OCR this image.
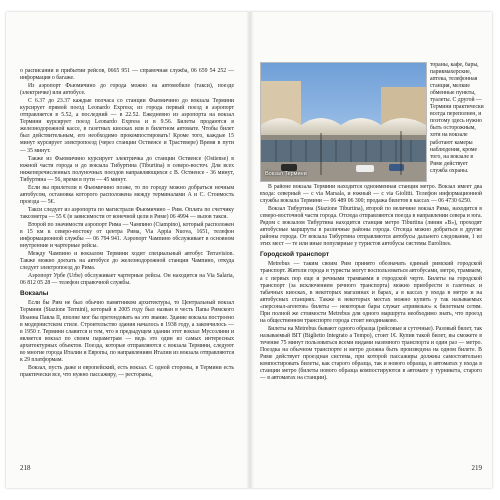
о расписании и прибытии рейсов, 0665 951 — справочная служба, 06 659 54 252 — информация о багаже.

Из аэропорт Фьюмичино до города можно на автомобиле (такси), поезде (электричке) или автобусе.

С 6.37 до 23.37 каждые полчаса со станции Фьюмичино до вокзала Термини курсирует прямой поезд Leonardo Express; из города первый поезд в аэропорт отправляется в 5.52, а последний — в 22.52. Ежедневно из аэропорта на вокзал Термини курсирует поезд Leonardo Express и в 9.56. Билеты продаются в железнодорожной кассе, в газетных киосках или в билетном автомате. Чтобы билет был действительным, его необходимо прокомпостировать! Кроме того, каждые 15 минут курсирует электропоезд (через станции Остиенсе и Трастевере) Время в пути — 35 минут.

Также из Фьюмичино курсирует электричка до станции Остиенсе (Ostiense) в южной части города и до вокзала Тибуртина (Tiburtina) в северо-восточ. Для всех нижеперечисленных полуночных поездов направляющихся с В. Остиенсе - 36 минут, Тибуртина — 56, время в пути — 45 минут.

Если вы прилетели в Фьюмичино позже, то по городу можно добраться ночным автобусом, остановка которого расположена между терминалами A и C. Стоимость проезда — 5€.

Такси следует из аэропорта по магистрали Фьюмичино – Рим. Оплата по счетчику таксометра — 55 € (в зависимости от конечной цели в Риме) 06 4994 — вызов такси.

Второй по значимости аэропорт Рима — Чампино (Ciampino), который расположен в 15 км к северо-востоку от центра Рима, Via Appia Nuova, 1651, телефон информационной службы — 06 794 941. Аэропорт Чампино обслуживает в основном внутренние и чартерные рейсы.

Между Чампино и вокзалом Термини ходит специальный автобус Terravision. Также можно доехать на автобусе до железнодорожной станции Чампино, откуда следует электропоезд до Рима.

Аэропорт Урбе (Urbe) обслуживает чартерные рейсы. Он находится на Via Salaria, 06 812 05 28 — телефон справочной службы.

Вокзалы

Если бы Рим не был обычно памятником архитектуры, то Центральный вокзал Термини (Stazione Termini), который в 2005 году был назван в честь Папы Римского Иоанна Павла II, вполне мог бы претендовать на это звание. Здание вокзала построено в модернистском стиле. Строительство здания началось в 1938 году, а закончилось — в 1950 г. Термини славится и тем, что в предыдущем здании этот вокзал Муссолини и является вокзал по своим параметрам — ведь это один из самых интересных архитектурных объектов. Поезда, которые отправляются с вокзала Термини, следуют во многие города Италии и Европы, по направлениям Италии из вокзала отправляются к 29 платформам.

Вокзал, пусть даже и европейский, есть вокзал. С одной стороны, в Термини есть практически все, что нужно пассажиру, — рестораны,

218
Вокзал Термини

тораны, кафе, бары, парикмахерские, аптека, телефонная станция, мелкие обменные пункты, туалеты. С другой — Термини практически всегда переполнен, и поэтому здесь нужно быть осторожным, хотя на вокзале работают камеры наблюдения, кроме того, на вокзале в Риме действует служба охраны.

В районе вокзала Термини находится одноименная станция метро. Вокзал имеет два входа: северный — с via Marsala, и южный — с via Giolitti. Телефон информационной службы вокзала Термини — 06 489 06 300; продажа билетов в кассах — 06 4730 6250.

Вокзал Тибуртина (Stazione Tiburtina), второй по величине вокзал Рима, находится в северо-восточной части города. Отсюда отправляются поезда в направлении севера и юга. Рядом с вокзалом Тибуртина находится станция метро Tiburtina (линия «B»), проходят автобусные маршруты в различные районы города. Отсюда можно добраться в другие районы города. От вокзала Тибуртина отправляются автобусы дальнего следования, 1 из этих мест — те или иные популярные у туристов автобусы системы Eurolines.

Городской транспорт

Metrebus — таким своим Рим принято обозначать единый римский городской транспорт. Жители города и туристы могут воспользоваться автобусами, метро, трамваем, а с первых пор еще и речными трамваями в городской черте. Билеты на городской транспорт (за исключением речного транспорта) можно приобрести в газетных и табачных киосках, в некоторых магазинах и барах, а в кассах у входа в метро и на автобусных станциях. Также в некоторых местах можно купить у так называемых «персонал-агентов» билеты — некоторые бары служат «привязью» к билетным сетям. При полной же стоимости Metrebus для одного маршрута необходимо знать, что проезд на общественном транспорте города стоит неодинаково.

Билеты на Metrebus бывают одного образца (рейсовые и суточные). Разовый билет, так называемый BIT (Biglietto Integrato a Tempo), стоит 1€. Купив такой билет, вы сможете в течение 75 минут пользоваться всеми видами наземного транспорта и один раз — метро. Поездка на обычном транспорте и метро должна быть произведена на одном билете. В Риме действует проездная система, при которой пассажиры должны самостоятельно компостировать билеты, как старого образца, так и нового образца, в автоматах у входа в станции метро (билеты нового образца компостируются в автомате у турникета, старого — в автоматах на станции).

219
